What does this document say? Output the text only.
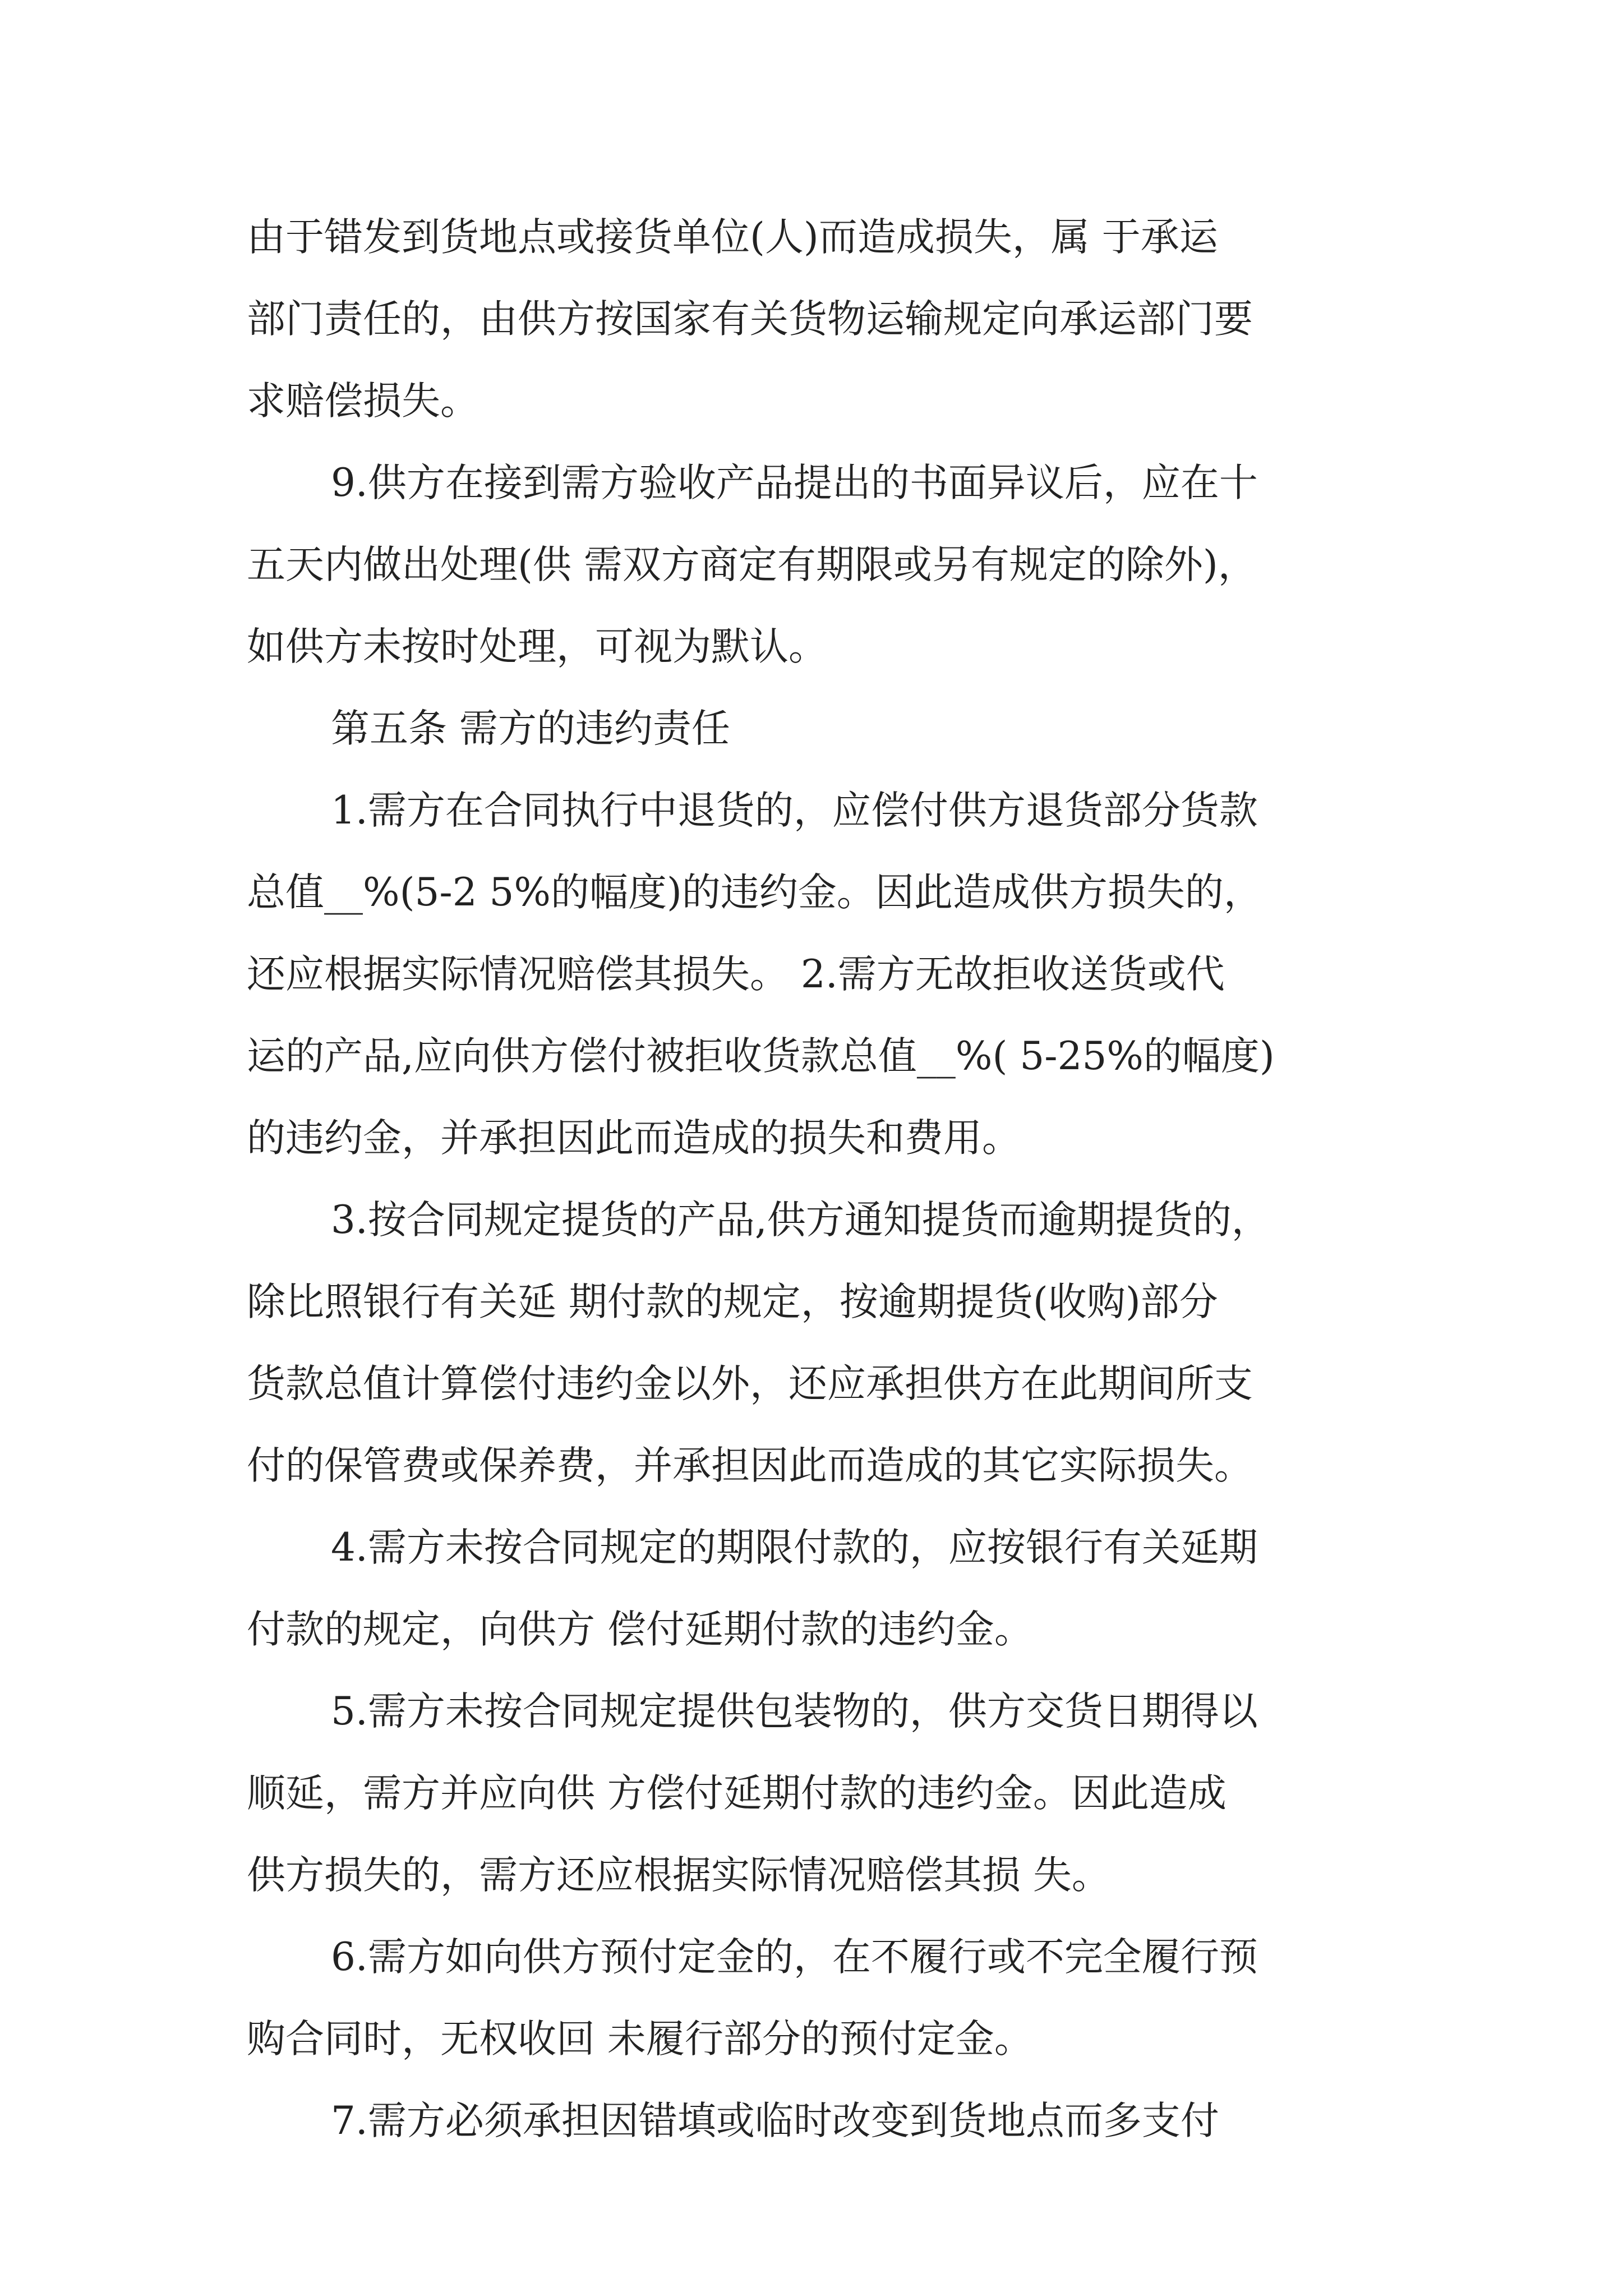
由于错发到货地点或接货单位(人)而造成损失，属 于承运
部门责任的，由供方按国家有关货物运输规定向承运部门要
求赔偿损失。
9.供方在接到需方验收产品提出的书面异议后，应在十
五天内做出处理(供 需双方商定有期限或另有规定的除外)，
如供方未按时处理，可视为默认。
第五条 需方的违约责任
1.需方在合同执行中退货的，应偿付供方退货部分货款
总值__%(5-2 5%的幅度)的违约金。因此造成供方损失的，
还应根据实际情况赔偿其损失。 2.需方无故拒收送货或代
运的产品,应向供方偿付被拒收货款总值__%( 5-25%的幅度)
的违约金，并承担因此而造成的损失和费用。
3.按合同规定提货的产品,供方通知提货而逾期提货的，
除比照银行有关延 期付款的规定，按逾期提货(收购)部分
货款总值计算偿付违约金以外，还应承担供方在此期间所支
付的保管费或保养费，并承担因此而造成的其它实际损失。
4.需方未按合同规定的期限付款的，应按银行有关延期
付款的规定，向供方 偿付延期付款的违约金。
5.需方未按合同规定提供包装物的，供方交货日期得以
顺延，需方并应向供 方偿付延期付款的违约金。因此造成
供方损失的，需方还应根据实际情况赔偿其损 失。
6.需方如向供方预付定金的，在不履行或不完全履行预
购合同时，无权收回 未履行部分的预付定金。
7.需方必须承担因错填或临时改变到货地点而多支付
